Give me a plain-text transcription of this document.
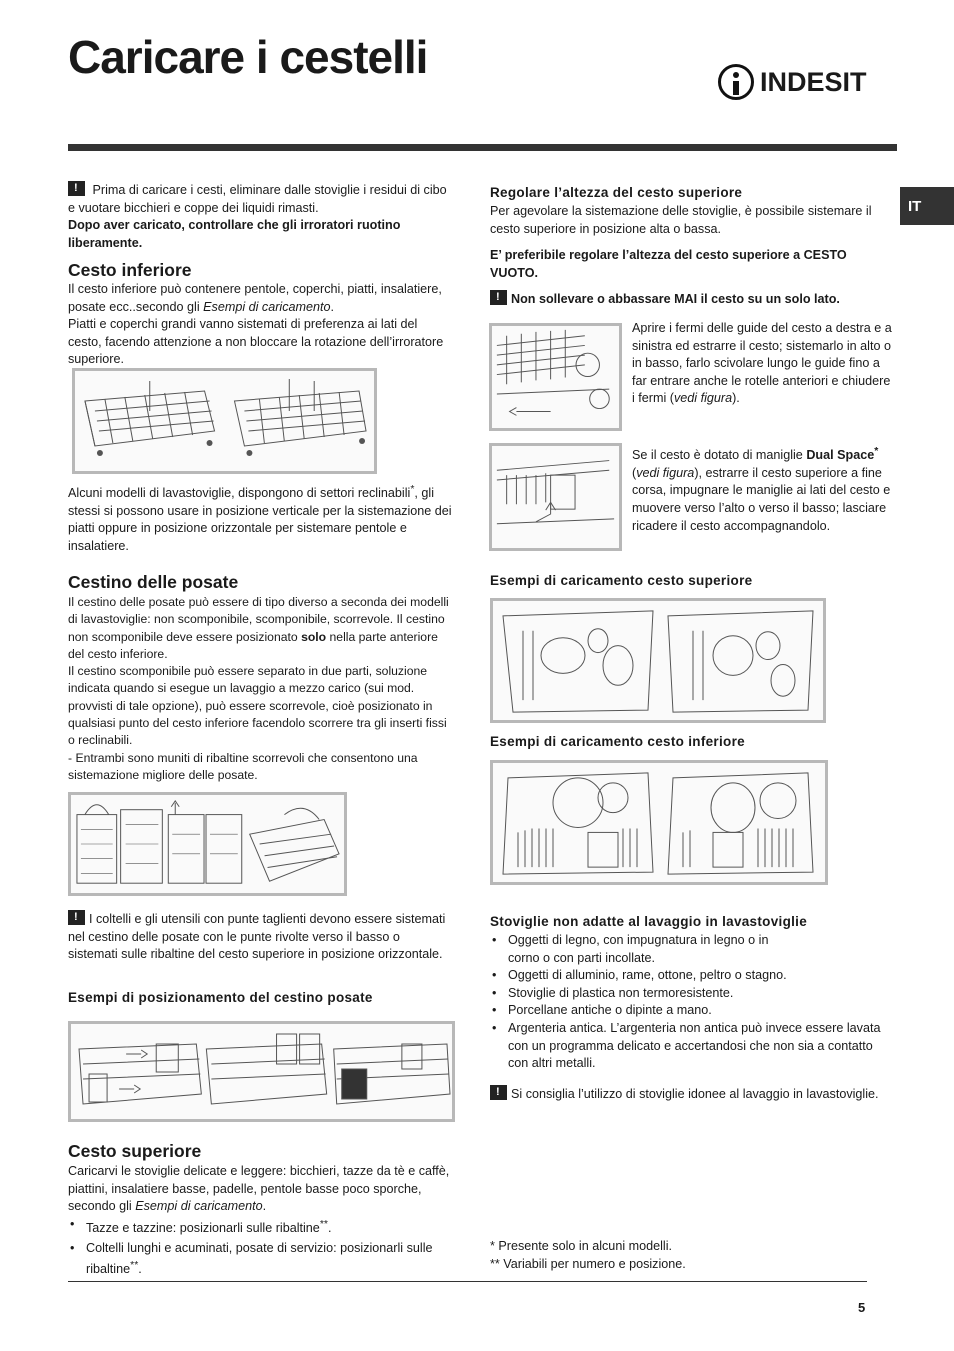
Caricare i cestelli	INDESIT
IT

! Prima di caricare i cesti, eliminare dalle stoviglie i residui di cibo e vuotare bicchieri e coppe dei liquidi rimasti.
Dopo aver caricato, controllare che gli irroratori ruotino liberamente.

Cesto inferiore

Il cesto inferiore può contenere pentole, coperchi, piatti, insalatiere, posate ecc..secondo gli Esempi di caricamento.
Piatti e coperchi grandi vanno sistemati di preferenza ai lati del cesto, facendo attenzione a non bloccare la rotazione dell’irroratore superiore.

Alcuni modelli di lavastoviglie, dispongono di settori reclinabili*, gli stessi si possono usare in posizione verticale per la sistemazione dei piatti oppure in posizione orizzontale per sistemare pentole e insalatiere.

Cestino delle posate

Il cestino delle posate può essere di tipo diverso a seconda dei modelli di lavastoviglie: non scomponibile, scomponibile, scorrevole. Il cestino non scomponibile deve essere posizionato solo nella parte anteriore del cesto inferiore.
Il cestino scomponibile può essere separato in due parti, soluzione indicata quando si esegue un lavaggio a mezzo carico (sui mod. provvisti di tale opzione), può essere scorrevole, cioè posizionato in qualsiasi punto del cesto inferiore facendolo scorrere tra gli inserti fissi o reclinabili.
- Entrambi sono muniti di ribaltine scorrevoli che consentono una sistemazione migliore delle posate.

!I coltelli e gli utensili con punte taglienti devono essere sistemati nel cestino delle posate con le punte rivolte verso il basso o sistemati sulle ribaltine del cesto superiore in posizione orizzontale.

Esempi di posizionamento del cestino posate
Cesto superiore

Caricarvi le stoviglie delicate e leggere: bicchieri, tazze da tè e caffè, piattini, insalatiere basse, padelle, pentole basse poco sporche, secondo gli Esempi di caricamento.

• Tazze e tazzine: posizionarli sulle ribaltine**.
• Coltelli lunghi e acuminati, posate di servizio: posizionarli sulle ribaltine**.
Regolare l’altezza del cesto superiore

Per agevolare la sistemazione delle stoviglie, è possibile sistemare il cesto superiore in posizione alta o bassa.

E’ preferibile regolare l’altezza del cesto superiore a CESTO VUOTO.

!Non sollevare o abbassare MAI il cesto su un solo lato.

Aprire i fermi delle guide del cesto a destra e a sinistra ed estrarre il cesto; sistemarlo in alto o in basso, farlo scivolare lungo le guide fino a far entrare anche le rotelle anteriori e chiudere i fermi (vedi figura).

Se il cesto è dotato di maniglie Dual Space* (vedi figura), estrarre il cesto superiore a fine corsa, impugnare le maniglie ai lati del cesto e muovere verso l’alto o verso il basso; lasciare ricadere il cesto accompagnandolo.

Esempi di caricamento cesto superiore
Esempi di caricamento cesto inferiore
Stoviglie non adatte al lavaggio in lavastoviglie
• Oggetti di legno, con impugnatura in legno o in corno o con parti incollate.
• Oggetti di alluminio, rame, ottone, peltro o stagno.
• Stoviglie di plastica non termoresistente.
• Porcellane antiche o dipinte a mano.
• Argenteria antica. L’argenteria non antica può invece essere lavata con un programma delicato e accertandosi che non sia a contatto con altri metalli.

!Si consiglia l’utilizzo di stoviglie idonee al lavaggio in lavastoviglie.

* Presente solo in alcuni modelli.
** Variabili per numero e posizione.

5
